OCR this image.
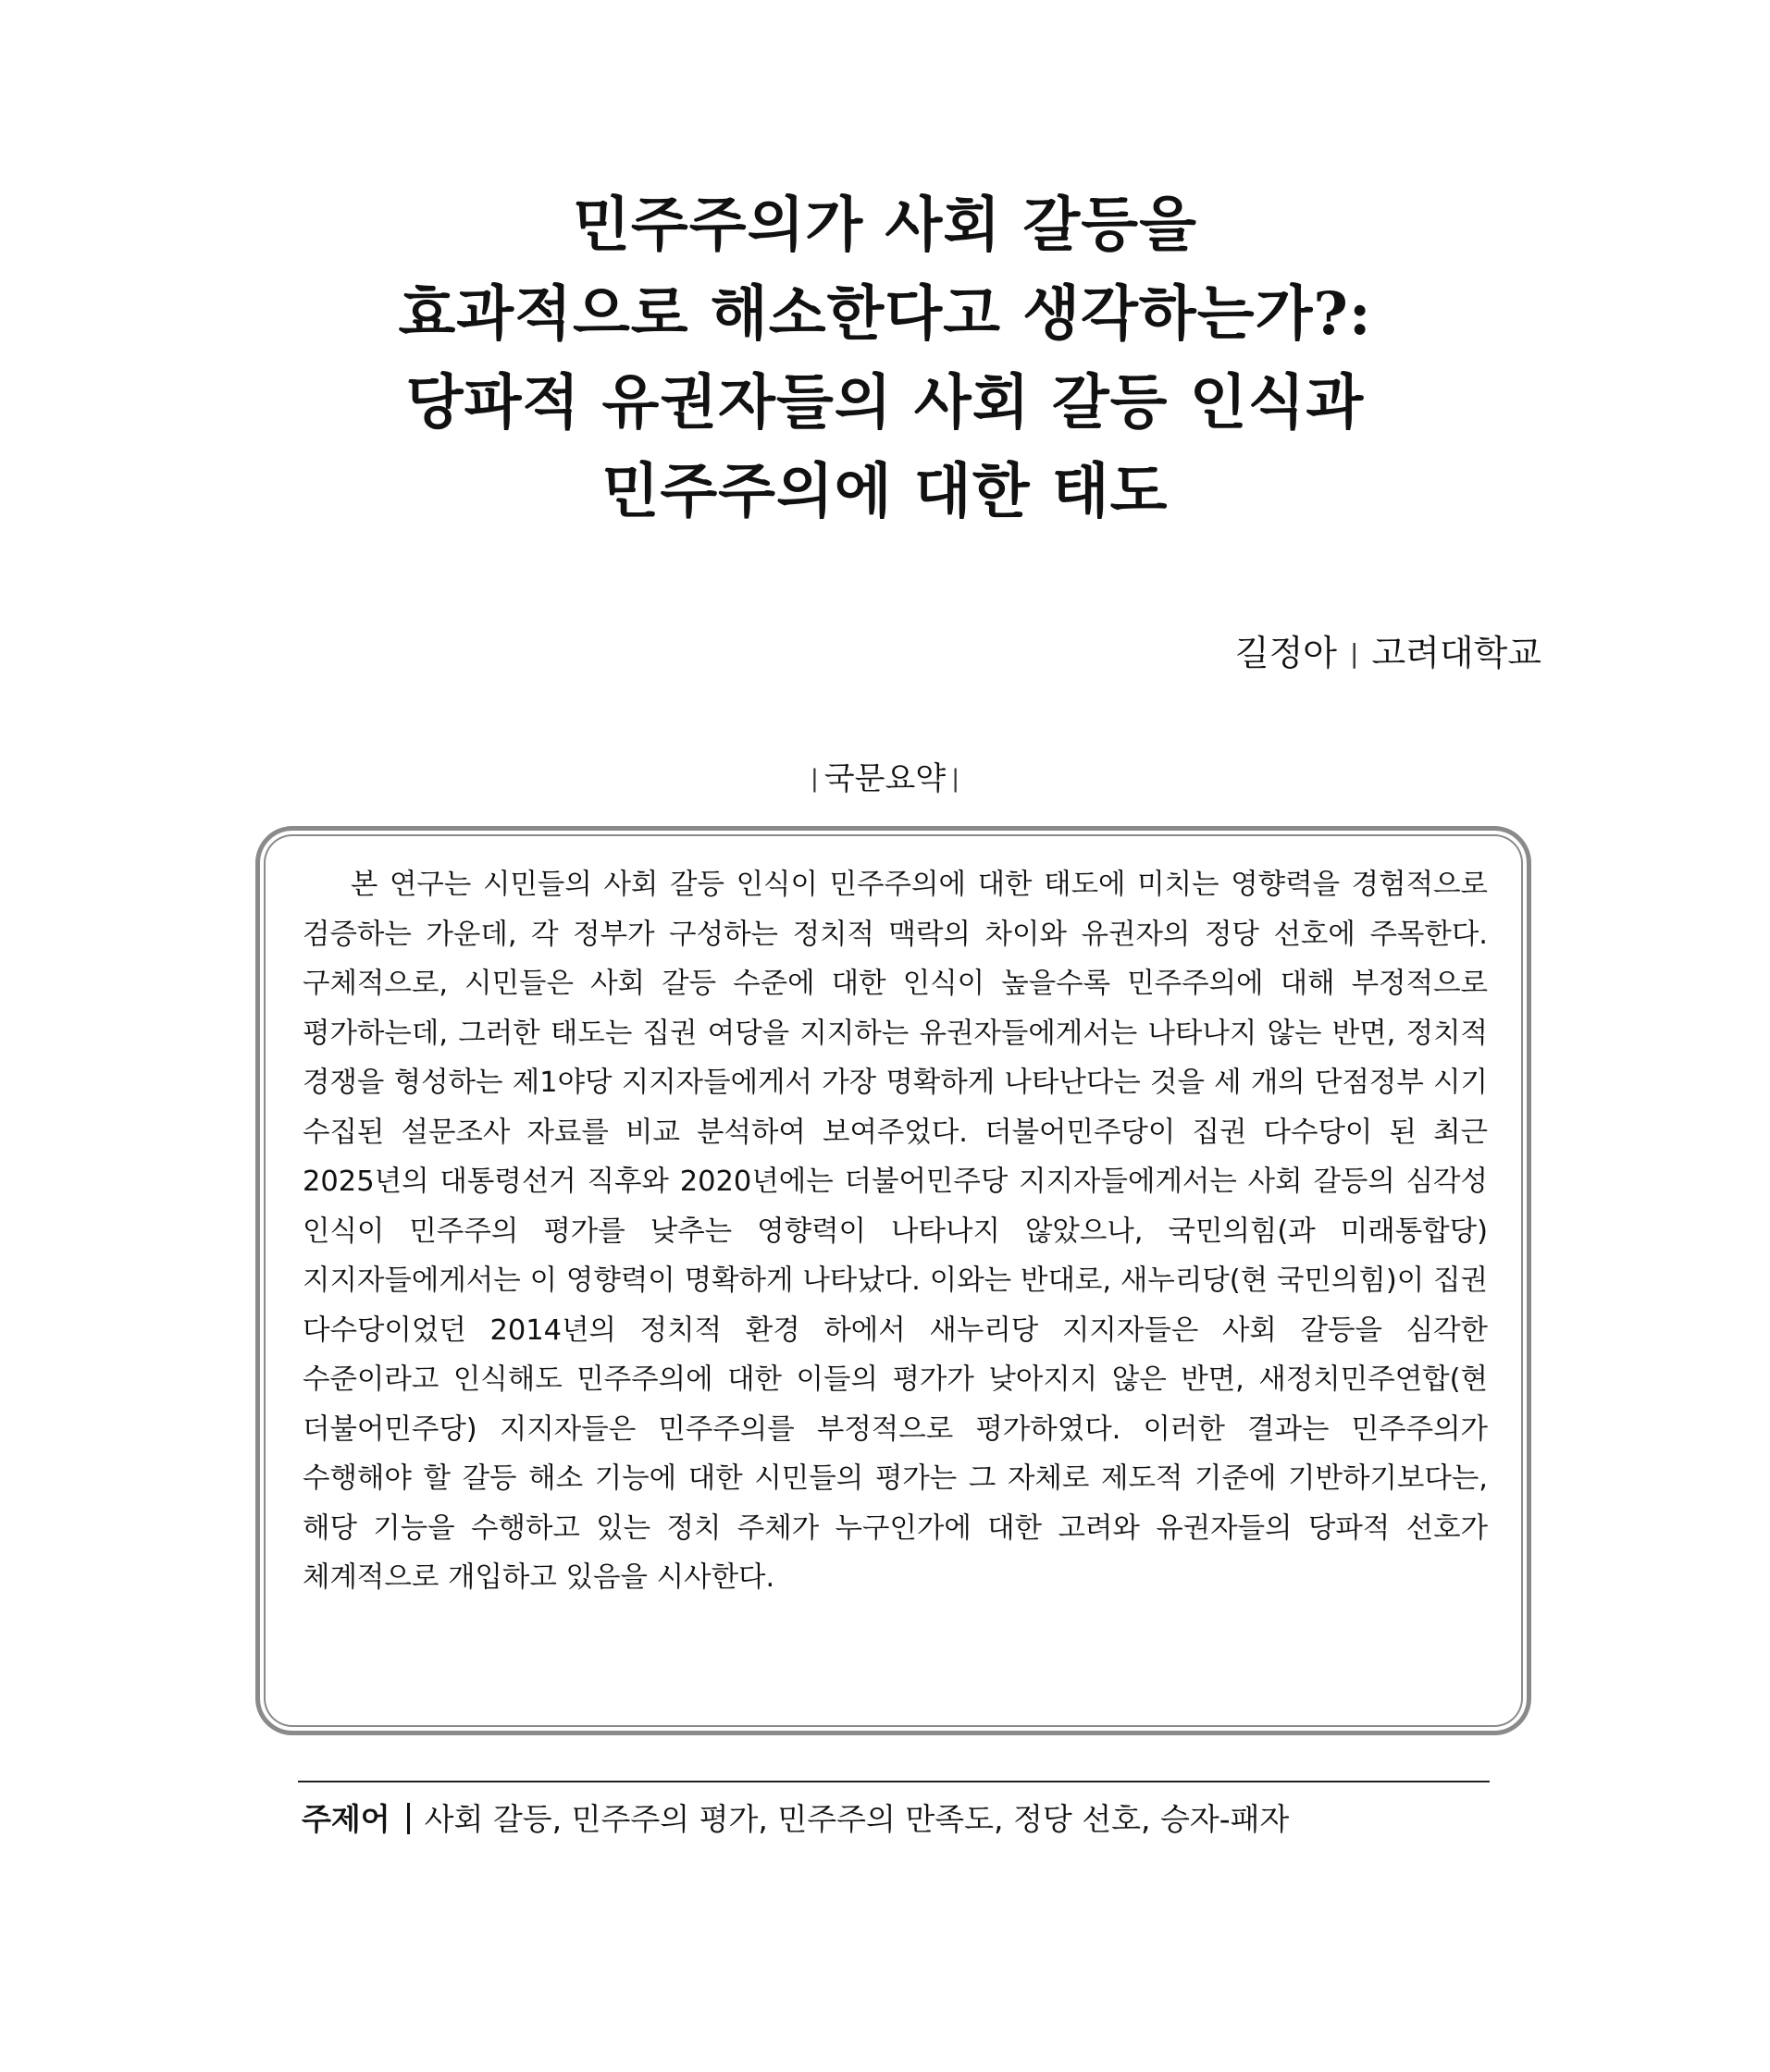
민주주의가 사회 갈등을
효과적으로 해소한다고 생각하는가?:
당파적 유권자들의 사회 갈등 인식과
민주주의에 대한 태도
길정아 | 고려대학교
| 국문요약 |
본 연구는 시민들의 사회 갈등 인식이 민주주의에 대한 태도에 미치는 영향력을 경험적으로 검증하는 가운데, 각 정부가 구성하는 정치적 맥락의 차이와 유권자의 정당 선호에 주목한다. 구체적으로, 시민들은 사회 갈등 수준에 대한 인식이 높을수록 민주주의에 대해 부정적으로 평가하는데, 그러한 태도는 집권 여당을 지지하는 유권자들에게서는 나타나지 않는 반면, 정치적 경쟁을 형성하는 제1야당 지지자들에게서 가장 명확하게 나타난다는 것을 세 개의 단점정부 시기 수집된 설문조사 자료를 비교 분석하여 보여주었다. 더불어민주당이 집권 다수당이 된 최근 2025년의 대통령선거 직후와 2020년에는 더불어민주당 지지자들에게서는 사회 갈등의 심각성 인식이 민주주의 평가를 낮추는 영향력이 나타나지 않았으나, 국민의힘(과 미래통합당) 지지자들에게서는 이 영향력이 명확하게 나타났다. 이와는 반대로, 새누리당(현 국민의힘)이 집권 다수당이었던 2014년의 정치적 환경 하에서 새누리당 지지자들은 사회 갈등을 심각한 수준이라고 인식해도 민주주의에 대한 이들의 평가가 낮아지지 않은 반면, 새정치민주연합(현 더불어민주당) 지지자들은 민주주의를 부정적으로 평가하였다. 이러한 결과는 민주주의가 수행해야 할 갈등 해소 기능에 대한 시민들의 평가는 그 자체로 제도적 기준에 기반하기보다는, 해당 기능을 수행하고 있는 정치 주체가 누구인가에 대한 고려와 유권자들의 당파적 선호가 체계적으로 개입하고 있음을 시사한다.
주제어 사회 갈등, 민주주의 평가, 민주주의 만족도, 정당 선호, 승자-패자
